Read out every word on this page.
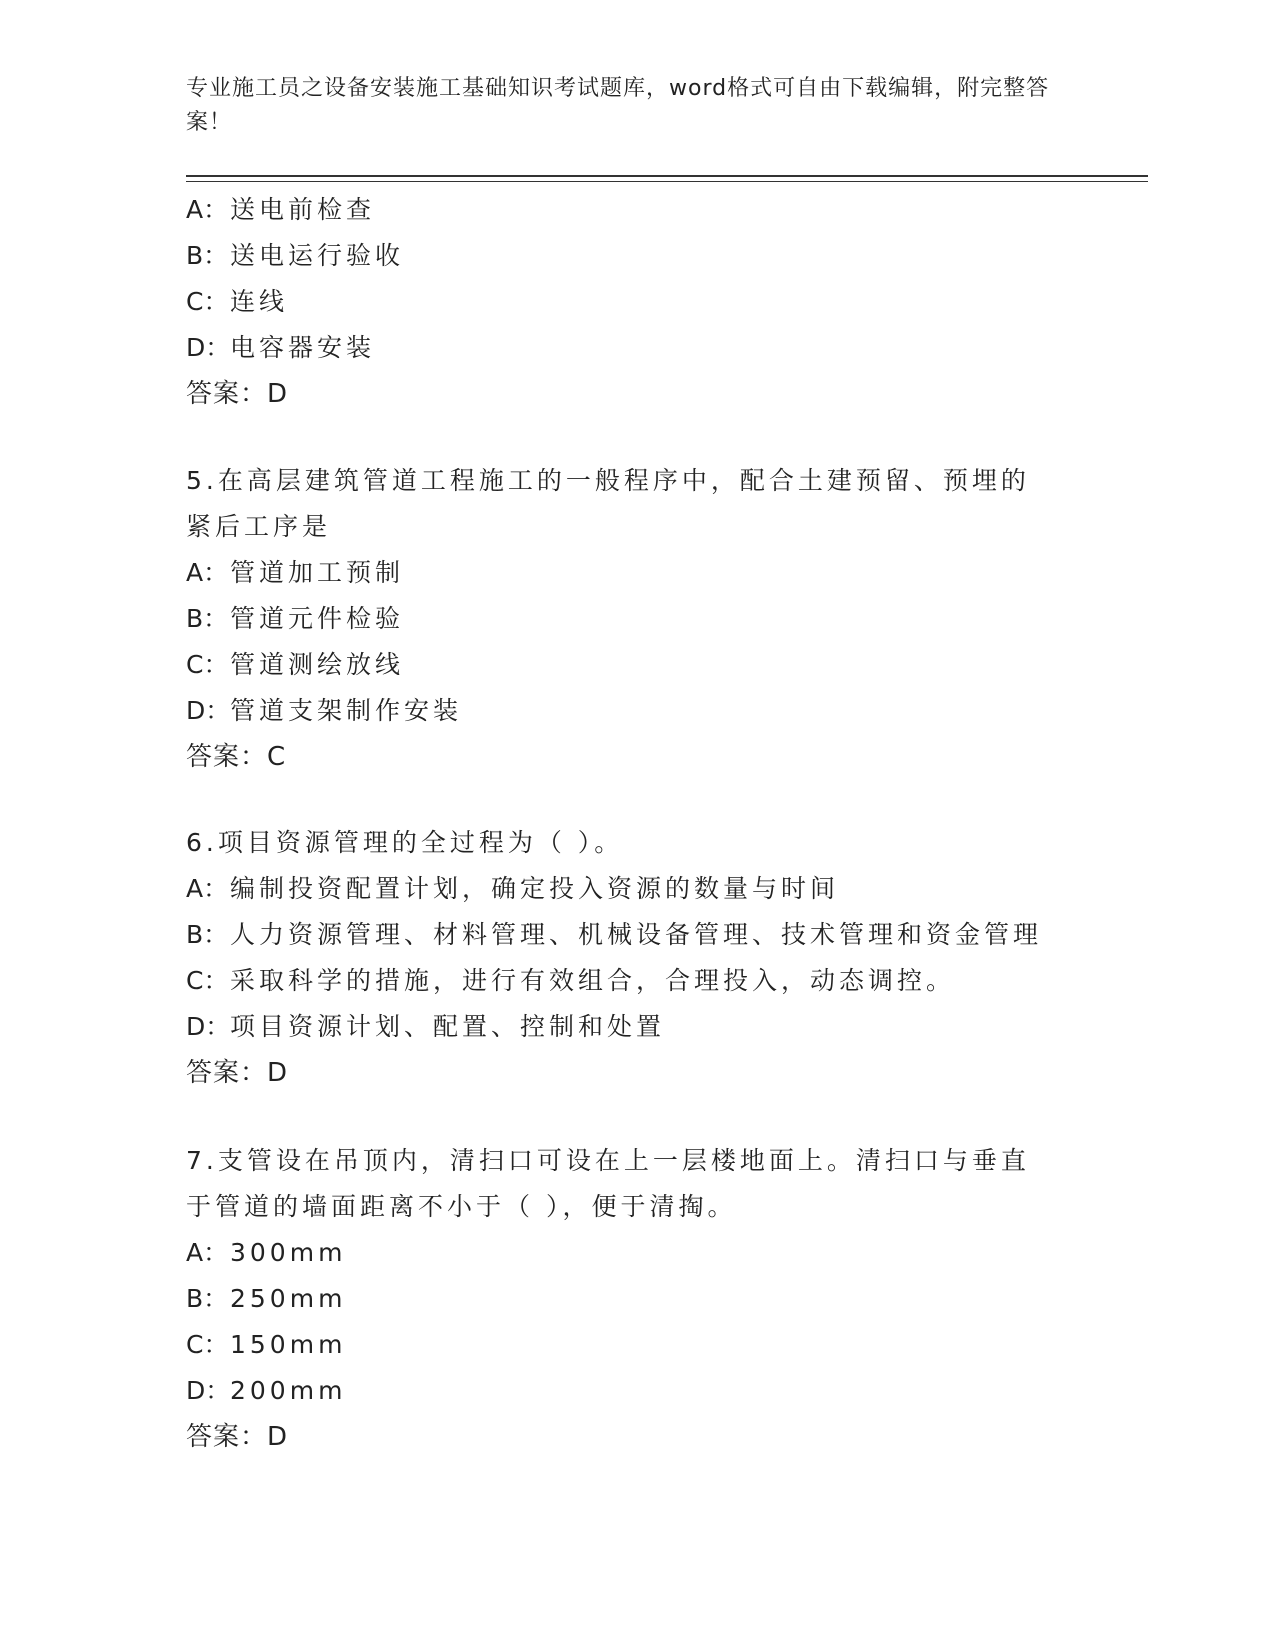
专业施工员之设备安装施工基础知识考试题库，word格式可自由下载编辑，附完整答案！
A：送电前检查
B：送电运行验收
C：连线
D：电容器安装
答案：D
5.在高层建筑管道工程施工的一般程序中，配合土建预留、预埋的紧后工序是
A：管道加工预制
B：管道元件检验
C：管道测绘放线
D：管道支架制作安装
答案：C
6.项目资源管理的全过程为（ ）。
A：编制投资配置计划，确定投入资源的数量与时间
B：人力资源管理、材料管理、机械设备管理、技术管理和资金管理
C：采取科学的措施，进行有效组合，合理投入，动态调控。
D：项目资源计划、配置、控制和处置
答案：D
7.支管设在吊顶内，清扫口可设在上一层楼地面上。清扫口与垂直于管道的墙面距离不小于（ ），便于清掏。
A：300mm
B：250mm
C：150mm
D：200mm
答案：D
